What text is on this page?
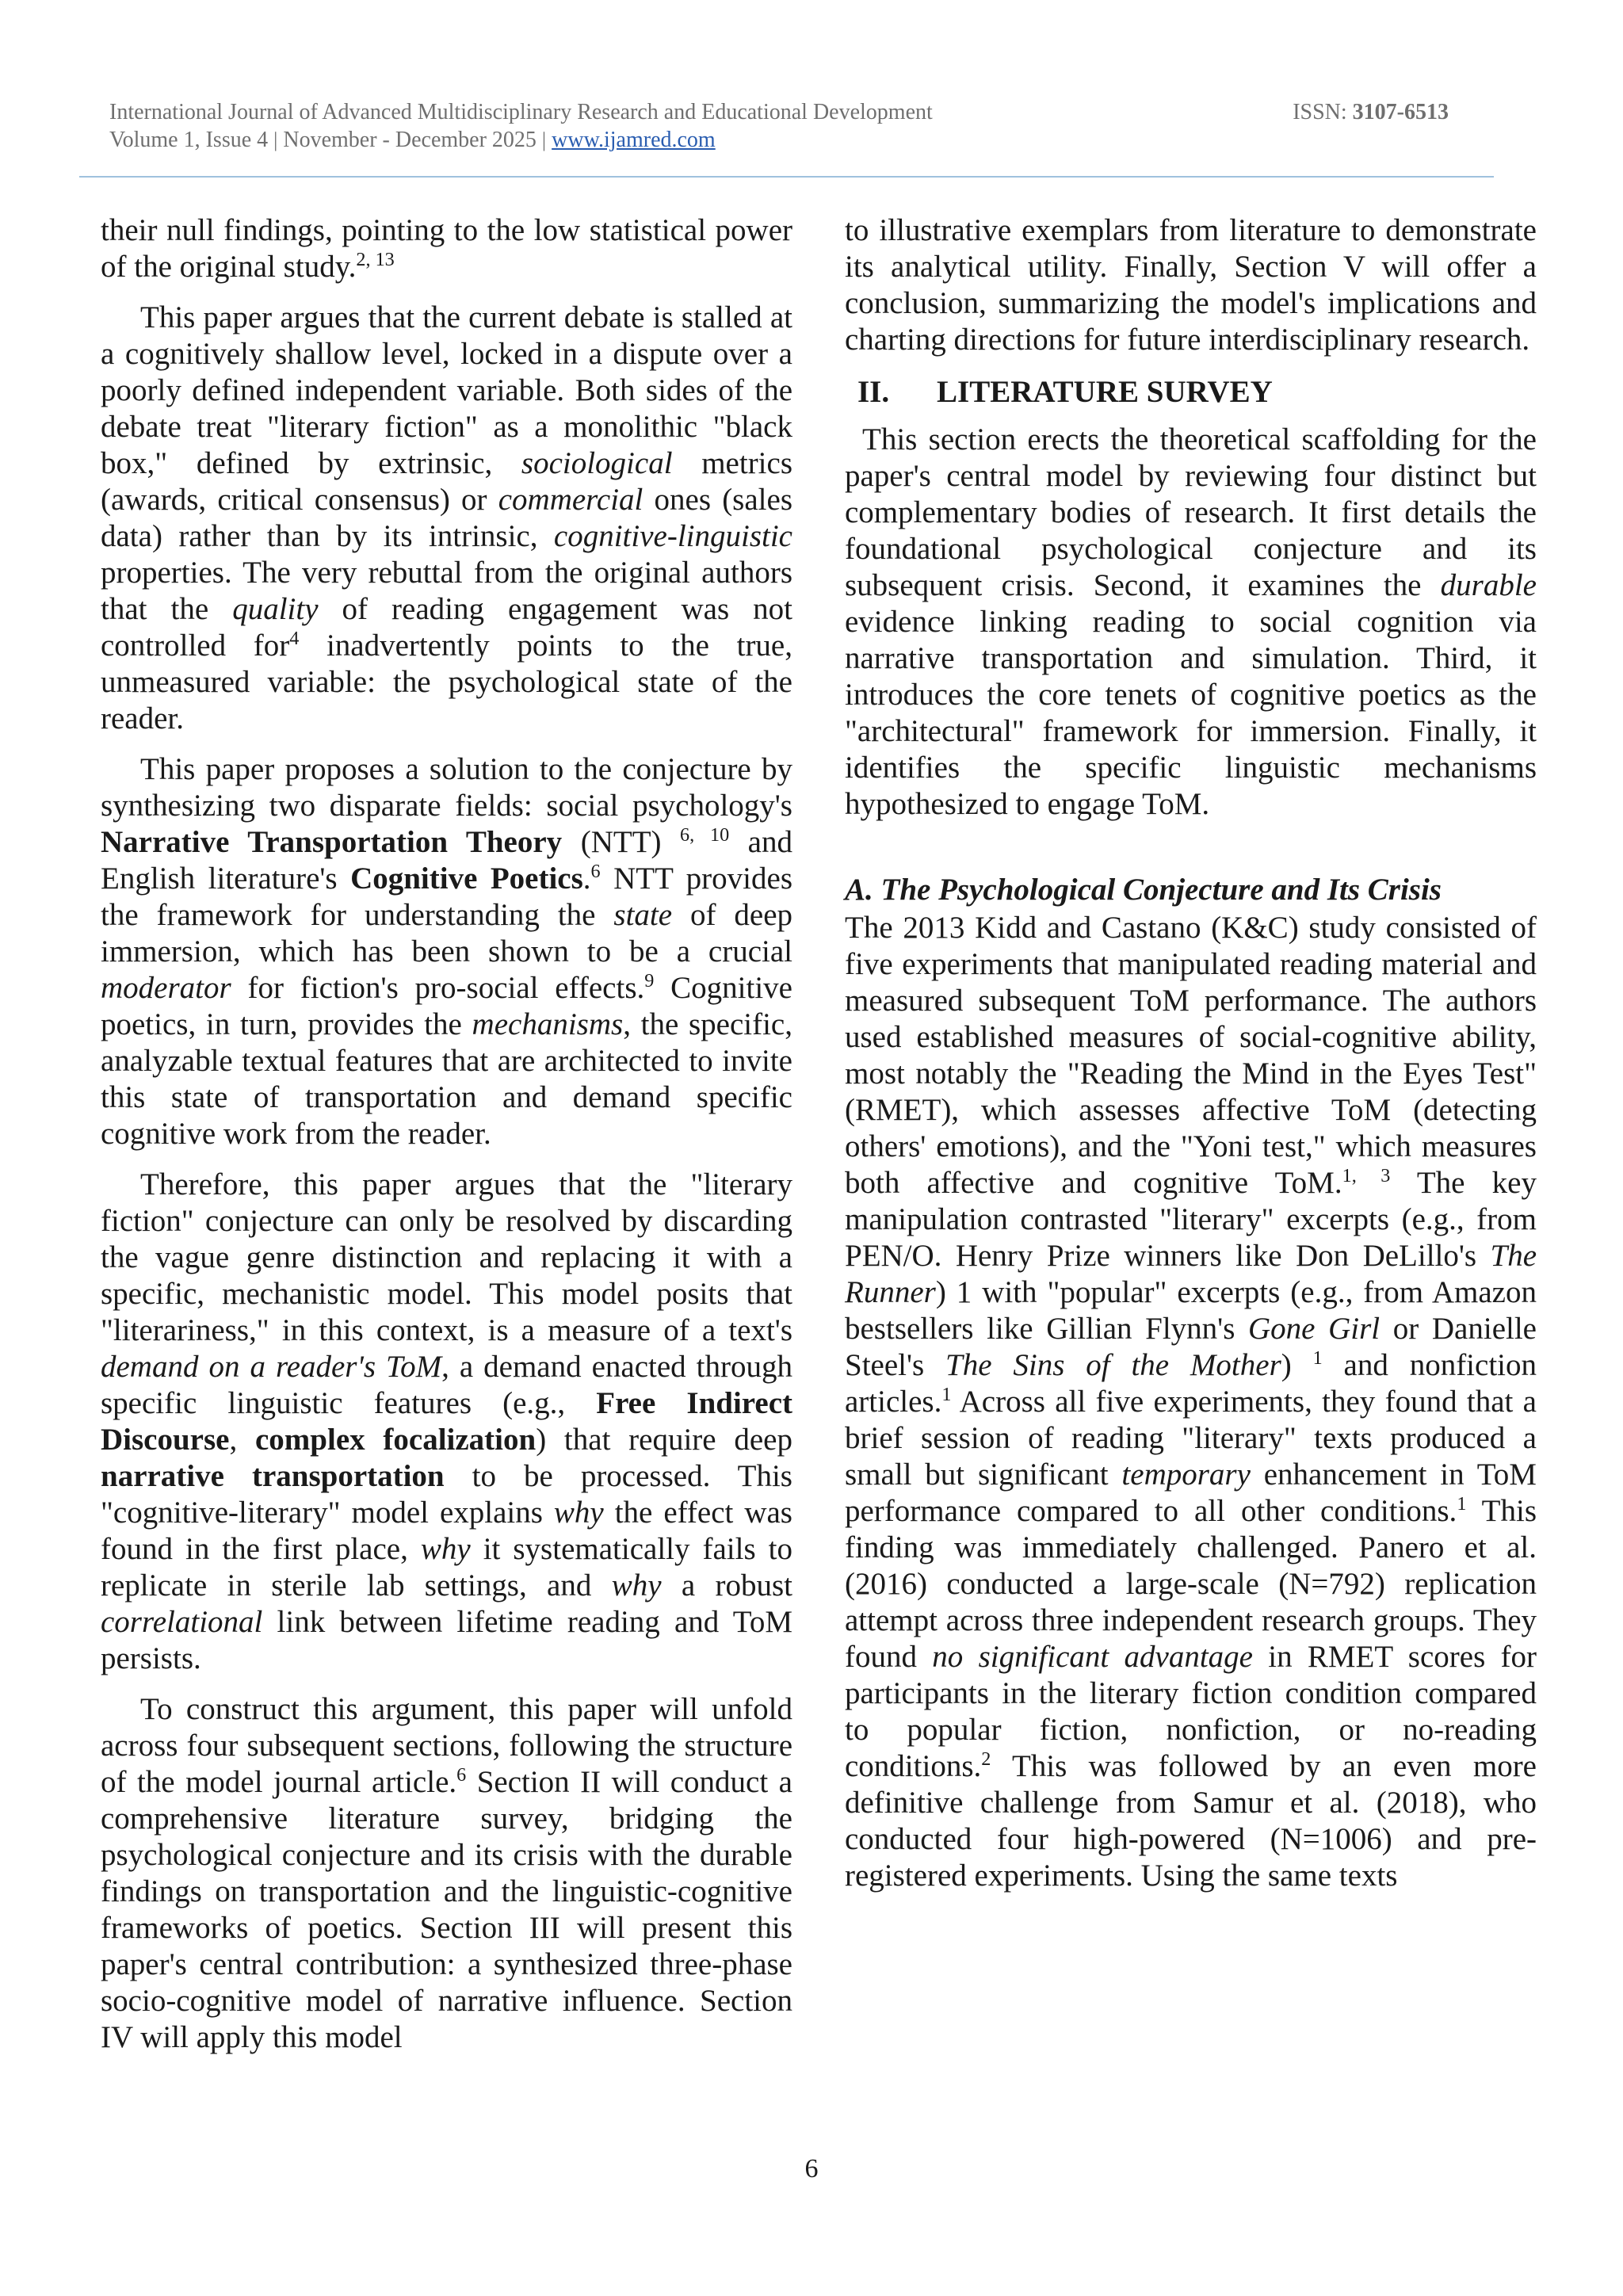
International Journal of Advanced Multidisciplinary Research and Educational Development
Volume 1, Issue 4 | November - December 2025 | www.ijamred.com
ISSN: 3107-6513

their null findings, pointing to the low statistical power of the original study.$^{2, 13}$

This paper argues that the current debate is stalled at a cognitively shallow level, locked in a dispute over a poorly defined independent variable. Both sides of the debate treat "literary fiction" as a monolithic "black box," defined by extrinsic, sociological metrics (awards, critical consensus) or commercial ones (sales data) rather than by its intrinsic, cognitive-linguistic properties. The very rebuttal from the original authors that the quality of reading engagement was not controlled for$^4$ inadvertently points to the true, unmeasured variable: the psychological state of the reader.

This paper proposes a solution to the conjecture by synthesizing two disparate fields: social psychology's Narrative Transportation Theory (NTT) $^{6, 10}$ and English literature's Cognitive Poetics.$^6$ NTT provides the framework for understanding the state of deep immersion, which has been shown to be a crucial moderator for fiction's pro-social effects.$^9$ Cognitive poetics, in turn, provides the mechanisms, the specific, analyzable textual features that are architected to invite this state of transportation and demand specific cognitive work from the reader.

Therefore, this paper argues that the "literary fiction" conjecture can only be resolved by discarding the vague genre distinction and replacing it with a specific, mechanistic model. This model posits that "literariness," in this context, is a measure of a text's demand on a reader's ToM, a demand enacted through specific linguistic features (e.g., Free Indirect Discourse, complex focalization) that require deep narrative transportation to be processed. This "cognitive-literary" model explains why the effect was found in the first place, why it systematically fails to replicate in sterile lab settings, and why a robust correlational link between lifetime reading and ToM persists.

To construct this argument, this paper will unfold across four subsequent sections, following the structure of the model journal article.$^6$ Section II will conduct a comprehensive literature survey, bridging the psychological conjecture and its crisis with the durable findings on transportation and the linguistic-cognitive frameworks of poetics. Section III will present this paper's central contribution: a synthesized three-phase socio-cognitive model of narrative influence. Section IV will apply this model

to illustrative exemplars from literature to demonstrate its analytical utility. Finally, Section V will offer a conclusion, summarizing the model's implications and charting directions for future interdisciplinary research.

II. LITERATURE SURVEY

This section erects the theoretical scaffolding for the paper's central model by reviewing four distinct but complementary bodies of research. It first details the foundational psychological conjecture and its subsequent crisis. Second, it examines the durable evidence linking reading to social cognition via narrative transportation and simulation. Third, it introduces the core tenets of cognitive poetics as the "architectural" framework for immersion. Finally, it identifies the specific linguistic mechanisms hypothesized to engage ToM.

A. The Psychological Conjecture and Its Crisis

The 2013 Kidd and Castano (K&C) study consisted of five experiments that manipulated reading material and measured subsequent ToM performance. The authors used established measures of social-cognitive ability, most notably the "Reading the Mind in the Eyes Test" (RMET), which assesses affective ToM (detecting others' emotions), and the "Yoni test," which measures both affective and cognitive ToM.$^{1, 3}$ The key manipulation contrasted "literary" excerpts (e.g., from PEN/O. Henry Prize winners like Don DeLillo's The Runner) 1 with "popular" excerpts (e.g., from Amazon bestsellers like Gillian Flynn's Gone Girl or Danielle Steel's The Sins of the Mother) $^1$ and nonfiction articles.$^1$ Across all five experiments, they found that a brief session of reading "literary" texts produced a small but significant temporary enhancement in ToM performance compared to all other conditions.$^1$ This finding was immediately challenged. Panero et al. (2016) conducted a large-scale (N=792) replication attempt across three independent research groups. They found no significant advantage in RMET scores for participants in the literary fiction condition compared to popular fiction, nonfiction, or no-reading conditions.$^2$ This was followed by an even more definitive challenge from Samur et al. (2018), who conducted four high-powered (N=1006) and pre-registered experiments. Using the same texts

6
